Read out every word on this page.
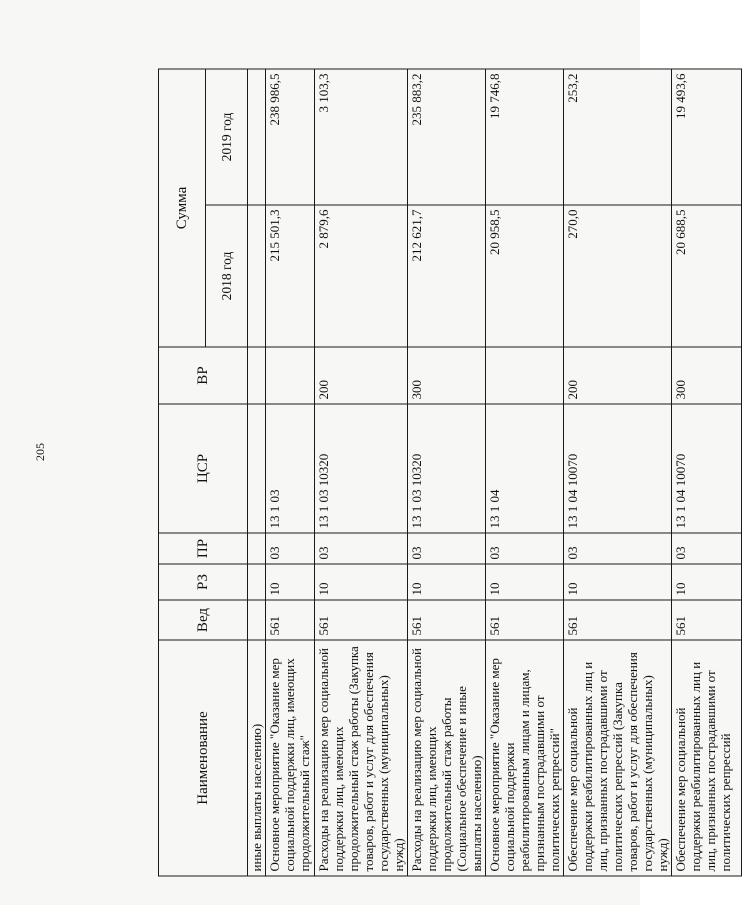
205
Наименование	Вед	РЗ	ПР	ЦСР	ВР	Сумма	
						2018 год	2019 год
иные выплаты населению)							
Основное мероприятие "Оказание мер социальной поддержки лиц, имеющих продолжительный стаж"	561	10	03	13 1 03		215 501,3	238 986,5
Расходы на реализацию мер социальной поддержки лиц, имеющих продолжительный стаж работы (Закупка товаров, работ и услуг для обеспечения государственных (муниципальных) нужд)	561	10	03	13 1 03 10320	200	2 879,6	3 103,3
Расходы на реализацию мер социальной поддержки лиц, имеющих продолжительный стаж работы (Социальное обеспечение и иные выплаты населению)	561	10	03	13 1 03 10320	300	212 621,7	235 883,2
Основное мероприятие "Оказание мер социальной поддержки реабилитированным лицам и лицам, признанным пострадавшими от политических репрессий"	561	10	03	13 1 04		20 958,5	19 746,8
Обеспечение мер социальной поддержки реабилитированных лиц и лиц, признанных пострадавшими от политических репрессий (Закупка товаров, работ и услуг для обеспечения государственных (муниципальных) нужд)	561	10	03	13 1 04 10070	200	270,0	253,2
Обеспечение мер социальной поддержки реабилитированных лиц и лиц, признанных пострадавшими от политических репрессий	561	10	03	13 1 04 10070	300	20 688,5	19 493,6
